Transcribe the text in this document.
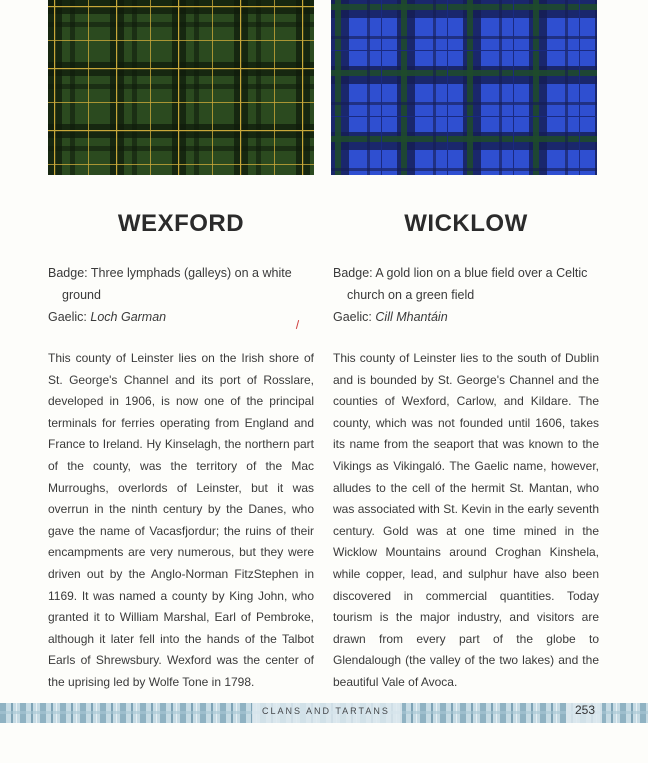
WEXFORD
Badge: Three lymphads (galleys) on a white ground
Gaelic: Loch Garman
This county of Leinster lies on the Irish shore of St. George's Channel and its port of Rosslare, developed in 1906, is now one of the principal terminals for ferries operating from England and France to Ireland. Hy Kinselagh, the northern part of the county, was the territory of the Mac Murroughs, overlords of Leinster, but it was overrun in the ninth century by the Danes, who gave the name of Vacasfjordur; the ruins of their encampments are very numerous, but they were driven out by the Anglo-Norman FitzStephen in 1169. It was named a county by King John, who granted it to William Marshal, Earl of Pembroke, although it later fell into the hands of the Talbot Earls of Shrewsbury. Wexford was the center of the uprising led by Wolfe Tone in 1798.
WICKLOW
Badge: A gold lion on a blue field over a Celtic church on a green field
Gaelic: Cill Mhantáin
This county of Leinster lies to the south of Dublin and is bounded by St. George's Channel and the counties of Wexford, Carlow, and Kildare. The county, which was not founded until 1606, takes its name from the seaport that was known to the Vikings as Vikingaló. The Gaelic name, however, alludes to the cell of the hermit St. Mantan, who was associated with St. Kevin in the early seventh century. Gold was at one time mined in the Wicklow Mountains around Croghan Kinshela, while copper, lead, and sulphur have also been discovered in commercial quantities. Today tourism is the major industry, and visitors are drawn from every part of the globe to Glendalough (the valley of the two lakes) and the beautiful Vale of Avoca.
CLANS AND TARTANS	253
